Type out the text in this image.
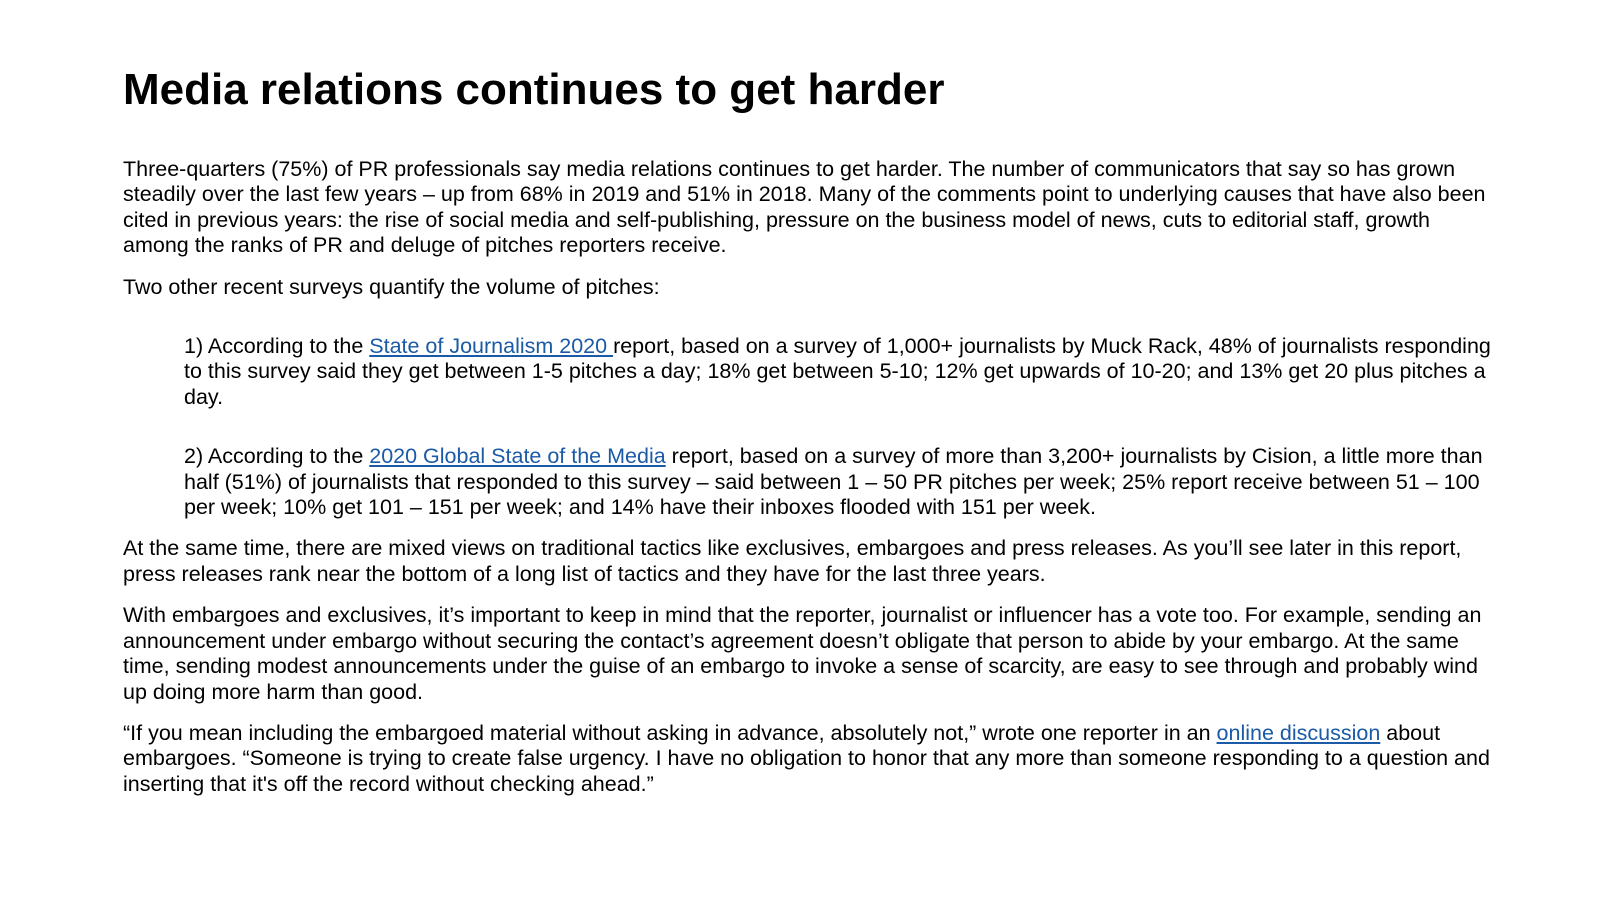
Media relations continues to get harder

Three-quarters (75%) of PR professionals say media relations continues to get harder. The number of communicators that say so has grown steadily over the last few years – up from 68% in 2019 and 51% in 2018. Many of the comments point to underlying causes that have also been cited in previous years: the rise of social media and self-publishing, pressure on the business model of news, cuts to editorial staff, growth among the ranks of PR and deluge of pitches reporters receive.

Two other recent surveys quantify the volume of pitches:

1) According to the State of Journalism 2020 report, based on a survey of 1,000+ journalists by Muck Rack, 48% of journalists responding to this survey said they get between 1-5 pitches a day; 18% get between 5-10; 12% get upwards of 10-20; and 13% get 20 plus pitches a day.

2) According to the 2020 Global State of the Media report, based on a survey of more than 3,200+ journalists by Cision, a little more than half (51%) of journalists that responded to this survey – said between 1 – 50 PR pitches per week; 25% report receive between 51 – 100 per week; 10% get 101 – 151 per week; and 14% have their inboxes flooded with 151 per week.

At the same time, there are mixed views on traditional tactics like exclusives, embargoes and press releases. As you’ll see later in this report, press releases rank near the bottom of a long list of tactics and they have for the last three years.

With embargoes and exclusives, it’s important to keep in mind that the reporter, journalist or influencer has a vote too. For example, sending an announcement under embargo without securing the contact’s agreement doesn’t obligate that person to abide by your embargo. At the same time, sending modest announcements under the guise of an embargo to invoke a sense of scarcity, are easy to see through and probably wind up doing more harm than good.

“If you mean including the embargoed material without asking in advance, absolutely not,” wrote one reporter in an online discussion about embargoes. “Someone is trying to create false urgency. I have no obligation to honor that any more than someone responding to a question and inserting that it's off the record without checking ahead.”
